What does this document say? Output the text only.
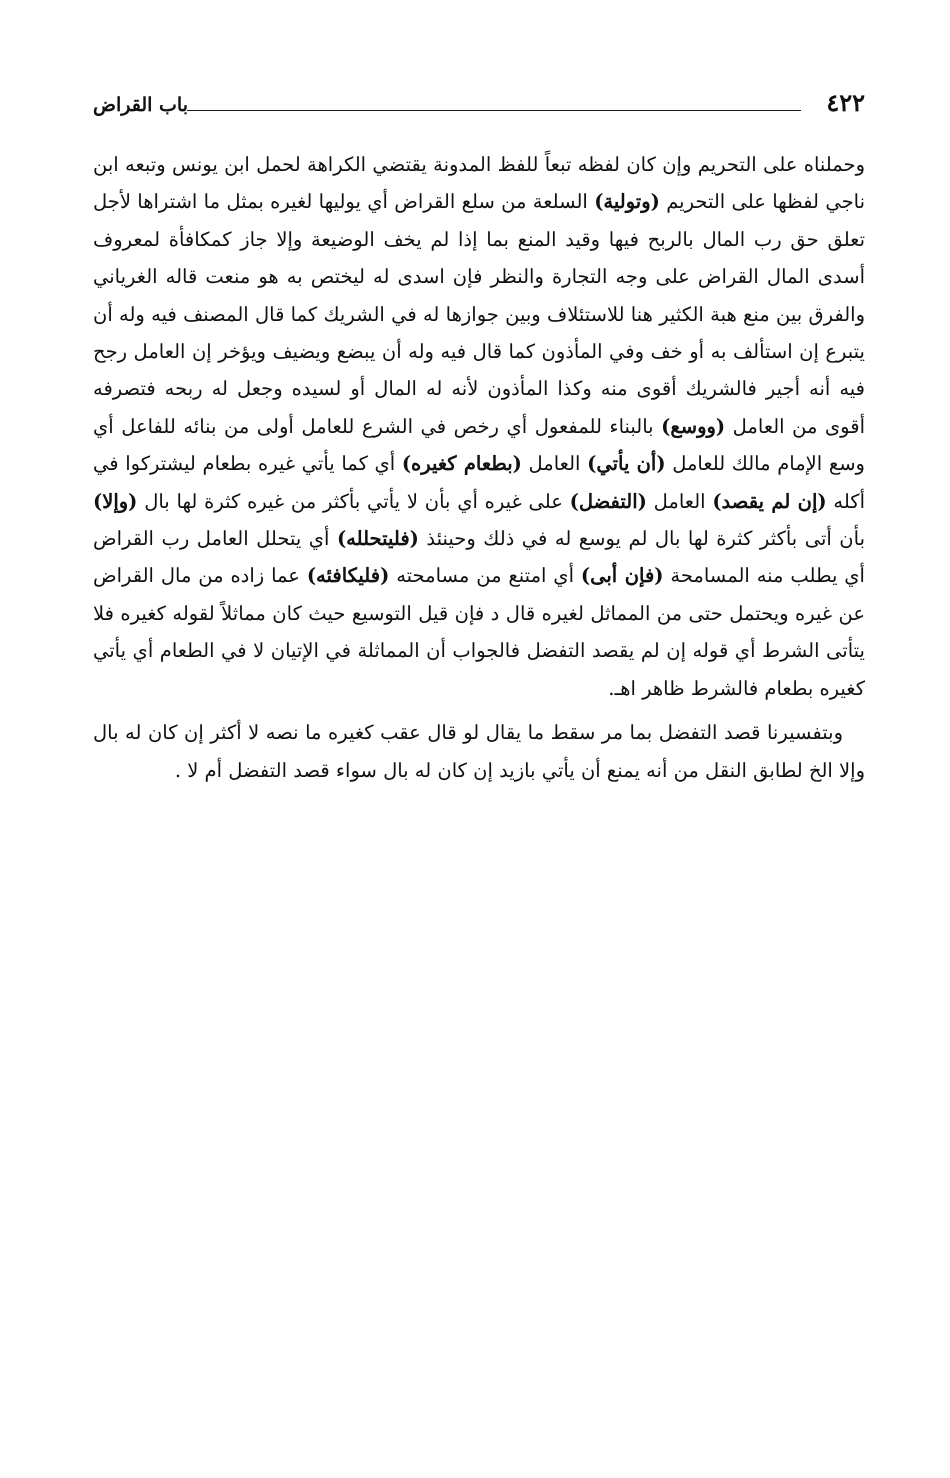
٤٢٢
باب القراض

وحملناه على التحريم وإن كان لفظه تبعاً للفظ المدونة يقتضي الكراهة لحمل ابن يونس وتبعه ابن ناجي لفظها على التحريم (وتولية) السلعة من سلع القراض أي يوليها لغيره بمثل ما اشتراها لأجل تعلق حق رب المال بالربح فيها وقيد المنع بما إذا لم يخف الوضيعة وإلا جاز كمكافأة لمعروف أسدى المال القراض على وجه التجارة والنظر فإن اسدى له ليختص به هو منعت قاله الغرياني والفرق بين منع هبة الكثير هنا للاستئلاف وبين جوازها له في الشريك كما قال المصنف فيه وله أن يتبرع إن استألف به أو خف وفي المأذون كما قال فيه وله أن يبضع ويضيف ويؤخر إن العامل رجح فيه أنه أجير فالشريك أقوى منه وكذا المأذون لأنه له المال أو لسيده وجعل له ربحه فتصرفه أقوى من العامل (ووسع) بالبناء للمفعول أي رخص في الشرع للعامل أولى من بنائه للفاعل أي وسع الإمام مالك للعامل (أن يأتي) العامل (بطعام كغيره) أي كما يأتي غيره بطعام ليشتركوا في أكله (إن لم يقصد) العامل (التفضل) على غيره أي بأن لا يأتي بأكثر من غيره كثرة لها بال (وإلا) بأن أتى بأكثر كثرة لها بال لم يوسع له في ذلك وحينئذ (فليتحلله) أي يتحلل العامل رب القراض أي يطلب منه المسامحة (فإن أبى) أي امتنع من مسامحته (فليكافئه) عما زاده من مال القراض عن غيره ويحتمل حتى من المماثل لغيره قال د فإن قيل التوسيع حيث كان مماثلاً لقوله كغيره فلا يتأتى الشرط أي قوله إن لم يقصد التفضل فالجواب أن المماثلة في الإتيان لا في الطعام أي يأتي كغيره بطعام فالشرط ظاهر اهـ.

وبتفسيرنا قصد التفضل بما مر سقط ما يقال لو قال عقب كغيره ما نصه لا أكثر إن كان له بال وإلا الخ لطابق النقل من أنه يمنع أن يأتي بازيد إن كان له بال سواء قصد التفضل أم لا .
